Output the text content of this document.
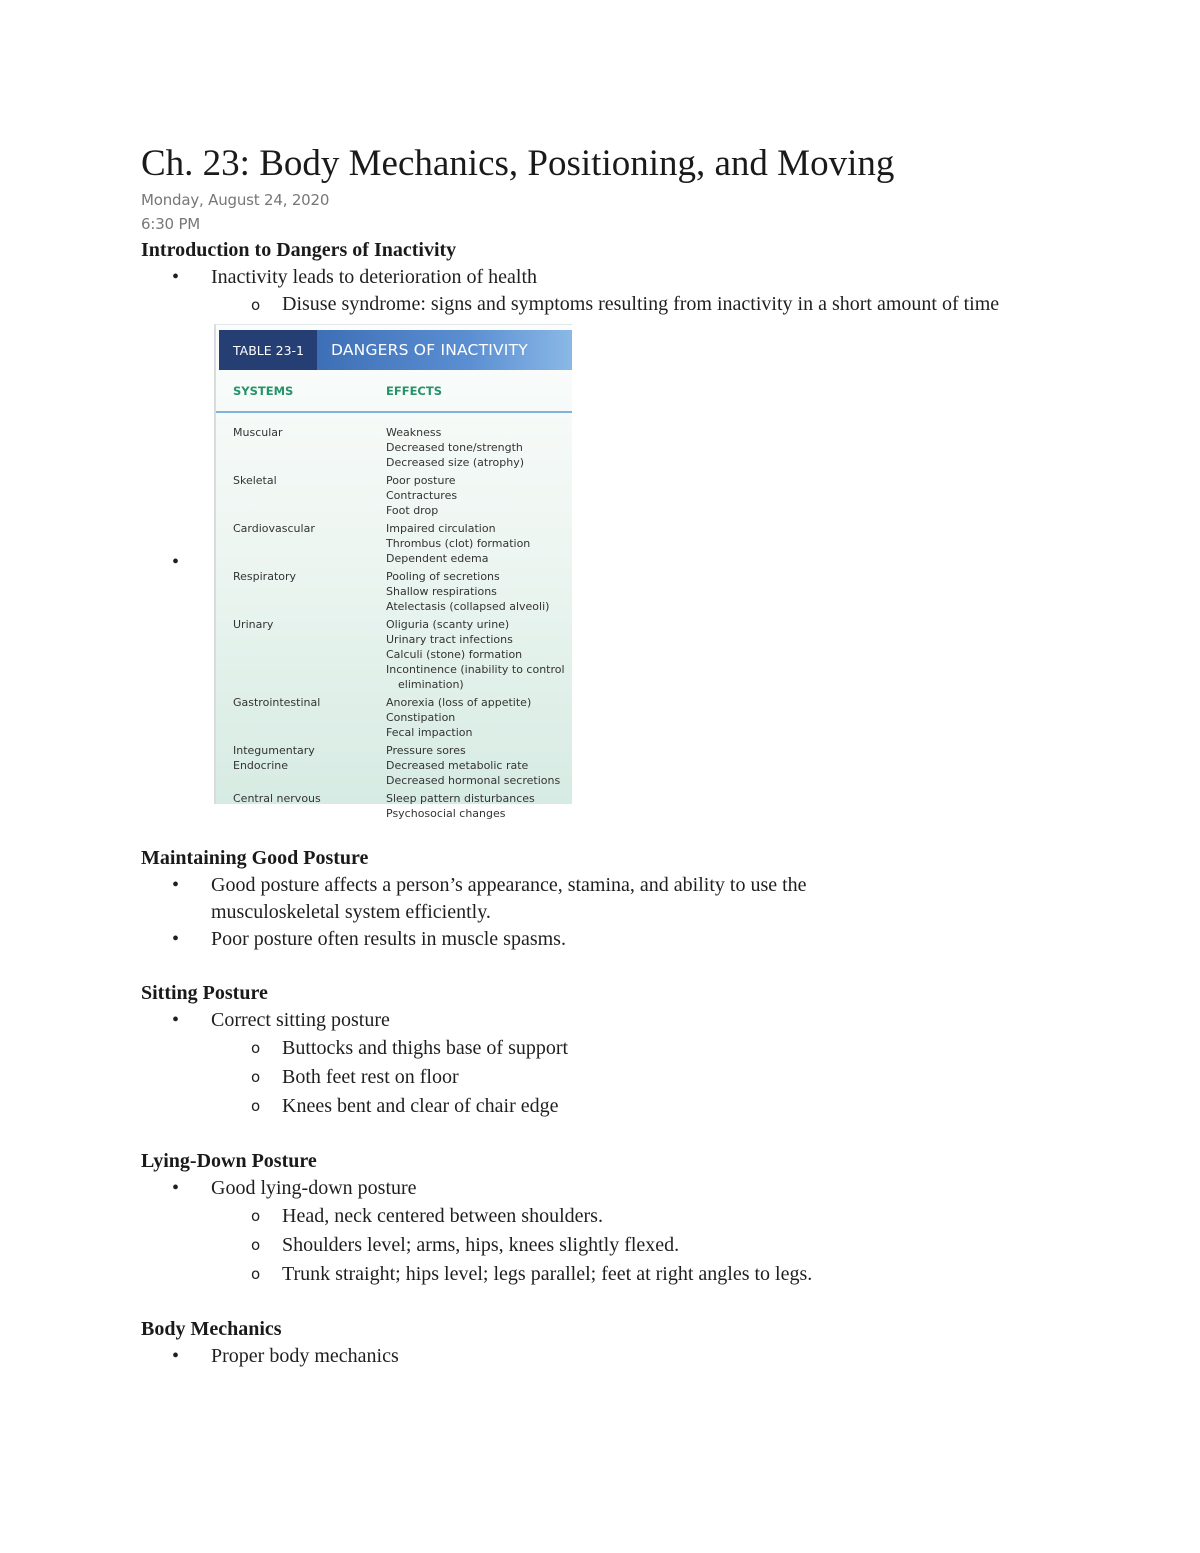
Ch. 23: Body Mechanics, Positioning, and Moving
Monday, August 24, 2020
6:30 PM
Introduction to Dangers of Inactivity
• Inactivity leads to deterioration of health
o Disuse syndrome: signs and symptoms resulting from inactivity in a short amount of time
•
TABLE 23-1	DANGERS OF INACTIVITY
SYSTEMS	EFFECTS
Muscular	Weakness
Decreased tone/strength
Decreased size (atrophy)
Skeletal	Poor posture
Contractures
Foot drop
Cardiovascular	Impaired circulation
Thrombus (clot) formation
Dependent edema
Respiratory	Pooling of secretions
Shallow respirations
Atelectasis (collapsed alveoli)
Urinary	Oliguria (scanty urine)
Urinary tract infections
Calculi (stone) formation
Incontinence (inability to control
elimination)
Gastrointestinal	Anorexia (loss of appetite)
Constipation
Fecal impaction
Integumentary	Pressure sores
Endocrine	Decreased metabolic rate
Decreased hormonal secretions
Central nervous	Sleep pattern disturbances
Psychosocial changes
Maintaining Good Posture
• Good posture affects a person’s appearance, stamina, and ability to use the musculoskeletal system efficiently.
• Poor posture often results in muscle spasms.
Sitting Posture
• Correct sitting posture
o Buttocks and thighs base of support
o Both feet rest on floor
o Knees bent and clear of chair edge
Lying-Down Posture
• Good lying-down posture
o Head, neck centered between shoulders.
o Shoulders level; arms, hips, knees slightly flexed.
o Trunk straight; hips level; legs parallel; feet at right angles to legs.
Body Mechanics
• Proper body mechanics
